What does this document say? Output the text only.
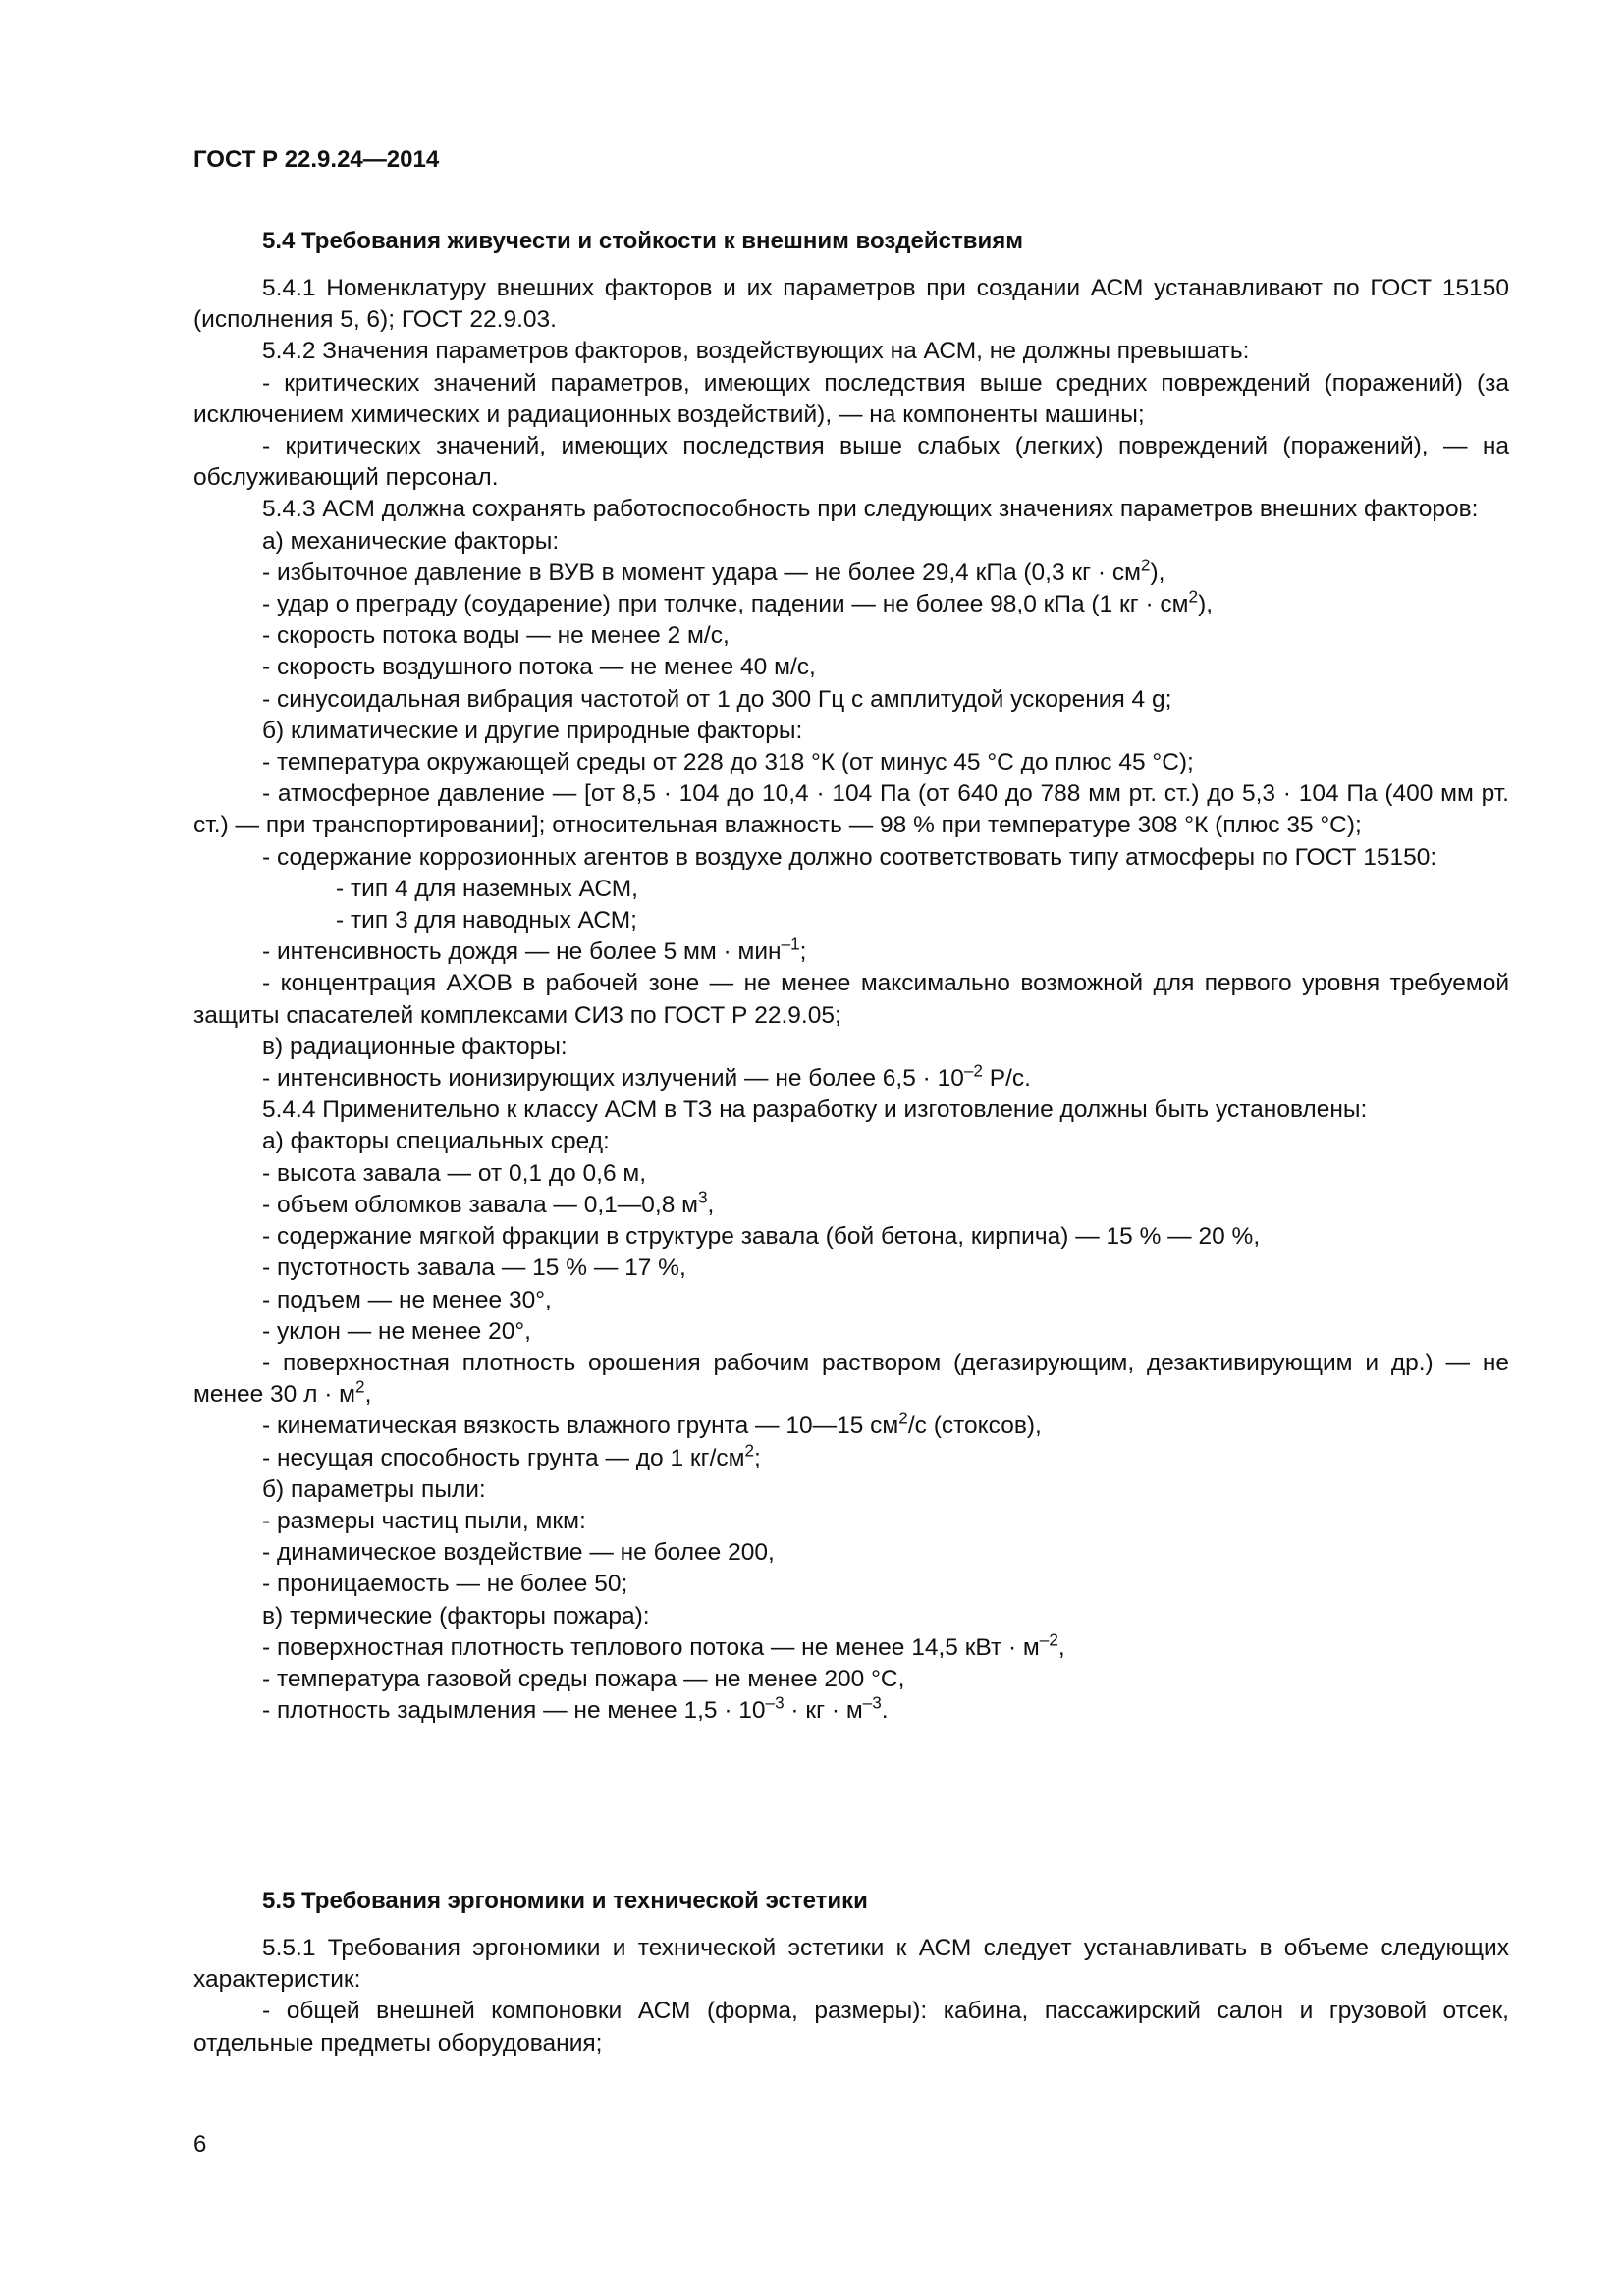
ГОСТ Р 22.9.24—2014

5.4 Требования живучести и стойкости к внешним воздействиям

5.4.1 Номенклатуру внешних факторов и их параметров при создании АСМ устанавливают по ГОСТ 15150 (исполнения 5, 6); ГОСТ 22.9.03.

5.4.2 Значения параметров факторов, воздействующих на АСМ, не должны превышать:

- критических значений параметров, имеющих последствия выше средних повреждений (поражений) (за исключением химических и радиационных воздействий), — на компоненты машины;

- критических значений, имеющих последствия выше слабых (легких) повреждений (поражений), — на обслуживающий персонал.

5.4.3 АСМ должна сохранять работоспособность при следующих значениях параметров внешних факторов:

а) механические факторы:

- избыточное давление в ВУВ в момент удара — не более 29,4 кПа (0,3 кг · $см^2$),

- удар о преграду (соударение) при толчке, падении — не более 98,0 кПа (1 кг · $см^2$),

- скорость потока воды — не менее 2 м/с,

- скорость воздушного потока — не менее 40 м/с,

- синусоидальная вибрация частотой от 1 до 300 Гц с амплитудой ускорения 4 g;

б) климатические и другие природные факторы:

- температура окружающей среды от 228 до 318 °К (от минус 45 °С до плюс 45 °С);

- атмосферное давление — [от 8,5 · 104 до 10,4 · 104 Па (от 640 до 788 мм рт. ст.) до 5,3 · 104 Па (400 мм рт. ст.) — при транспортировании]; относительная влажность — 98 % при температуре 308 °К (плюс 35 °С);

- содержание коррозионных агентов в воздухе должно соответствовать типу атмосферы по ГОСТ 15150:

- тип 4 для наземных АСМ,

- тип 3 для наводных АСМ;

- интенсивность дождя — не более 5 мм · мин$^{-1}$;

- концентрация АХОВ в рабочей зоне — не менее максимально возможной для первого уровня требуемой защиты спасателей комплексами СИЗ по ГОСТ Р 22.9.05;

в) радиационные факторы:

- интенсивность ионизирующих излучений — не более $6,5 \cdot 10^{-2}$ Р/с.

5.4.4 Применительно к классу АСМ в ТЗ на разработку и изготовление должны быть установлены:

а) факторы специальных сред:

- высота завала — от 0,1 до 0,6 м,

- объем обломков завала — 0,1—0,8 $м^3$,

- содержание мягкой фракции в структуре завала (бой бетона, кирпича) — 15 % — 20 %,

- пустотность завала — 15 % — 17 %,

- подъем — не менее 30°,

- уклон — не менее 20°,

- поверхностная плотность орошения рабочим раствором (дегазирующим, дезактивирующим и др.) — не менее 30 $л \cdot м^2$,

- кинематическая вязкость влажного грунта — 10—15 $см^2/с$ (стоксов),

- несущая способность грунта — до 1 $кг/см^2$;

б) параметры пыли:

- размеры частиц пыли, мкм:

- динамическое воздействие — не более 200,

- проницаемость — не более 50;

в) термические (факторы пожара):

- поверхностная плотность теплового потока — не менее 14,5 кВт · $м^{-2}$,

- температура газовой среды пожара — не менее 200 °С,

- плотность задымления — не менее $1,5 \cdot 10^{-3}$ · кг · $м^{-3}$.

5.5 Требования эргономики и технической эстетики

5.5.1 Требования эргономики и технической эстетики к АСМ следует устанавливать в объеме следующих характеристик:

- общей внешней компоновки АСМ (форма, размеры): кабина, пассажирский салон и грузовой отсек, отдельные предметы оборудования;

6
